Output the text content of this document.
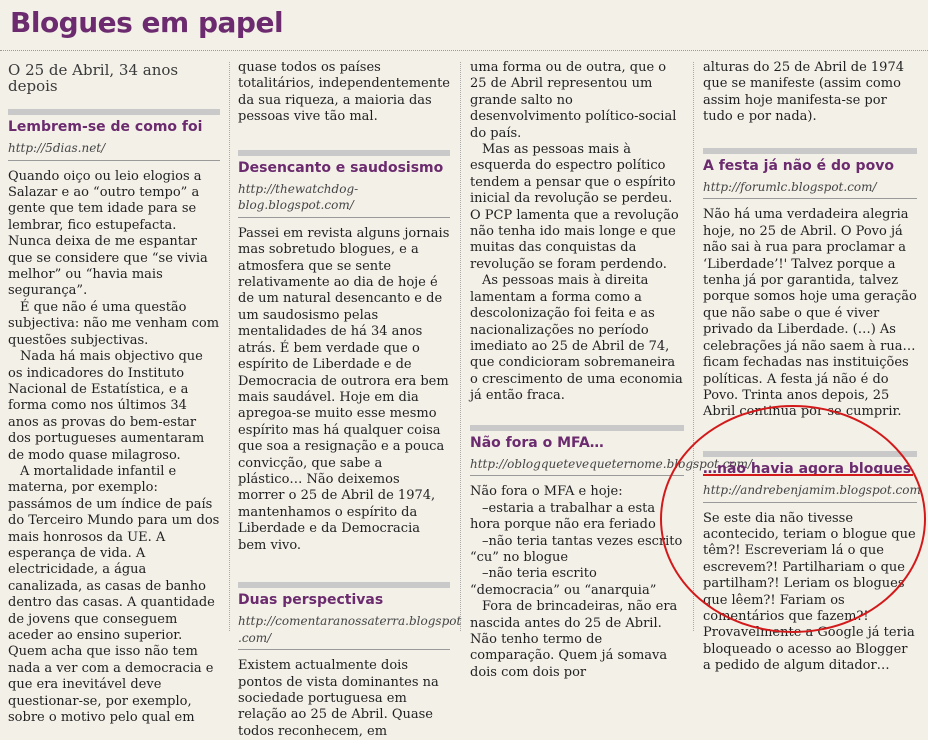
Blogues em papel
O 25 de Abril, 34 anos depois
Lembrem-se de como foi
http://5dias.net/

Quando oiço ou leio elogios a Salazar e ao “outro tempo” a gente que tem idade para se lembrar, fico estupefacta. Nunca deixa de me espantar que se considere que “se vivia melhor” ou “havia mais segurança”.

É que não é uma questão subjectiva: não me venham com questões subjectivas.

Nada há mais objectivo que os indicadores do Instituto Nacional de Estatística, e a forma como nos últimos 34 anos as provas do bem-estar dos portugueses aumentaram de modo quase milagroso.

A mortalidade infantil e materna, por exemplo: passámos de um índice de país do Terceiro Mundo para um dos mais honrosos da UE. A esperança de vida. A electricidade, a água canalizada, as casas de banho dentro das casas. A quantidade de jovens que conseguem aceder ao ensino superior. Quem acha que isso não tem nada a ver com a democracia e que era inevitável deve questionar-se, por exemplo, sobre o motivo pelo qual em

quase todos os países totalitários, independentemente da sua riqueza, a maioria das pessoas vive tão mal.

Desencanto e saudosismo
http://thewatchdog-blog.blogspot.com/

Passei em revista alguns jornais mas sobretudo blogues, e a atmosfera que se sente relativamente ao dia de hoje é de um natural desencanto e de um saudosismo pelas mentalidades de há 34 anos atrás. É bem verdade que o espírito de Liberdade e de Democracia de outrora era bem mais saudável. Hoje em dia apregoa-se muito esse mesmo espírito mas há qualquer coisa que soa a resignação e a pouca convicção, que sabe a plástico… Não deixemos morrer o 25 de Abril de 1974, mantenhamos o espírito da Liberdade e da Democracia bem vivo.

Duas perspectivas
http://comentaranossaterra.blogspot .com/

Existem actualmente dois pontos de vista dominantes na sociedade portuguesa em relação ao 25 de Abril. Quase todos reconhecem, em

uma forma ou de outra, que o 25 de Abril representou um grande salto no desenvolvimento político-social do país.

Mas as pessoas mais à esquerda do espectro político tendem a pensar que o espírito inicial da revolução se perdeu. O PCP lamenta que a revolução não tenha ido mais longe e que muitas das conquistas da revolução se foram perdendo.

As pessoas mais à direita lamentam a forma como a descolonização foi feita e as nacionalizações no período imediato ao 25 de Abril de 74, que condicioram sobremaneira o crescimento de uma economia já então fraca.

Não fora o MFA…
http://oblogquetevequeternome.blogspot.com/

Não fora o MFA e hoje:

–estaria a trabalhar a esta hora porque não era feriado

–não teria tantas vezes escrito “cu” no blogue

–não teria escrito “democracia” ou “anarquia”

Fora de brincadeiras, não era nascida antes do 25 de Abril. Não tenho termo de comparação. Quem já somava dois com dois por

alturas do 25 de Abril de 1974 que se manifeste (assim como assim hoje manifesta-se por tudo e por nada).

A festa já não é do povo
http://forumlc.blogspot.com/

Não há uma verdadeira alegria hoje, no 25 de Abril. O Povo já não sai à rua para proclamar a ‘Liberdade’!' Talvez porque a tenha já por garantida, talvez porque somos hoje uma geração que não sabe o que é viver privado da Liberdade. (…) As celebrações já não saem à rua… ficam fechadas nas instituições políticas. A festa já não é do Povo. Trinta anos depois, 25 Abril continua por se cumprir.

…não havia agora blogues
http://andrebenjamim.blogspot.com

Se este dia não tivesse acontecido, teriam o blogue que têm?! Escreveriam lá o que escrevem?! Partilhariam o que partilham?! Leriam os blogues que lêem?! Fariam os comentários que fazem?! Provavelmente a Google já teria bloqueado o acesso ao Blogger a pedido de algum ditador…
